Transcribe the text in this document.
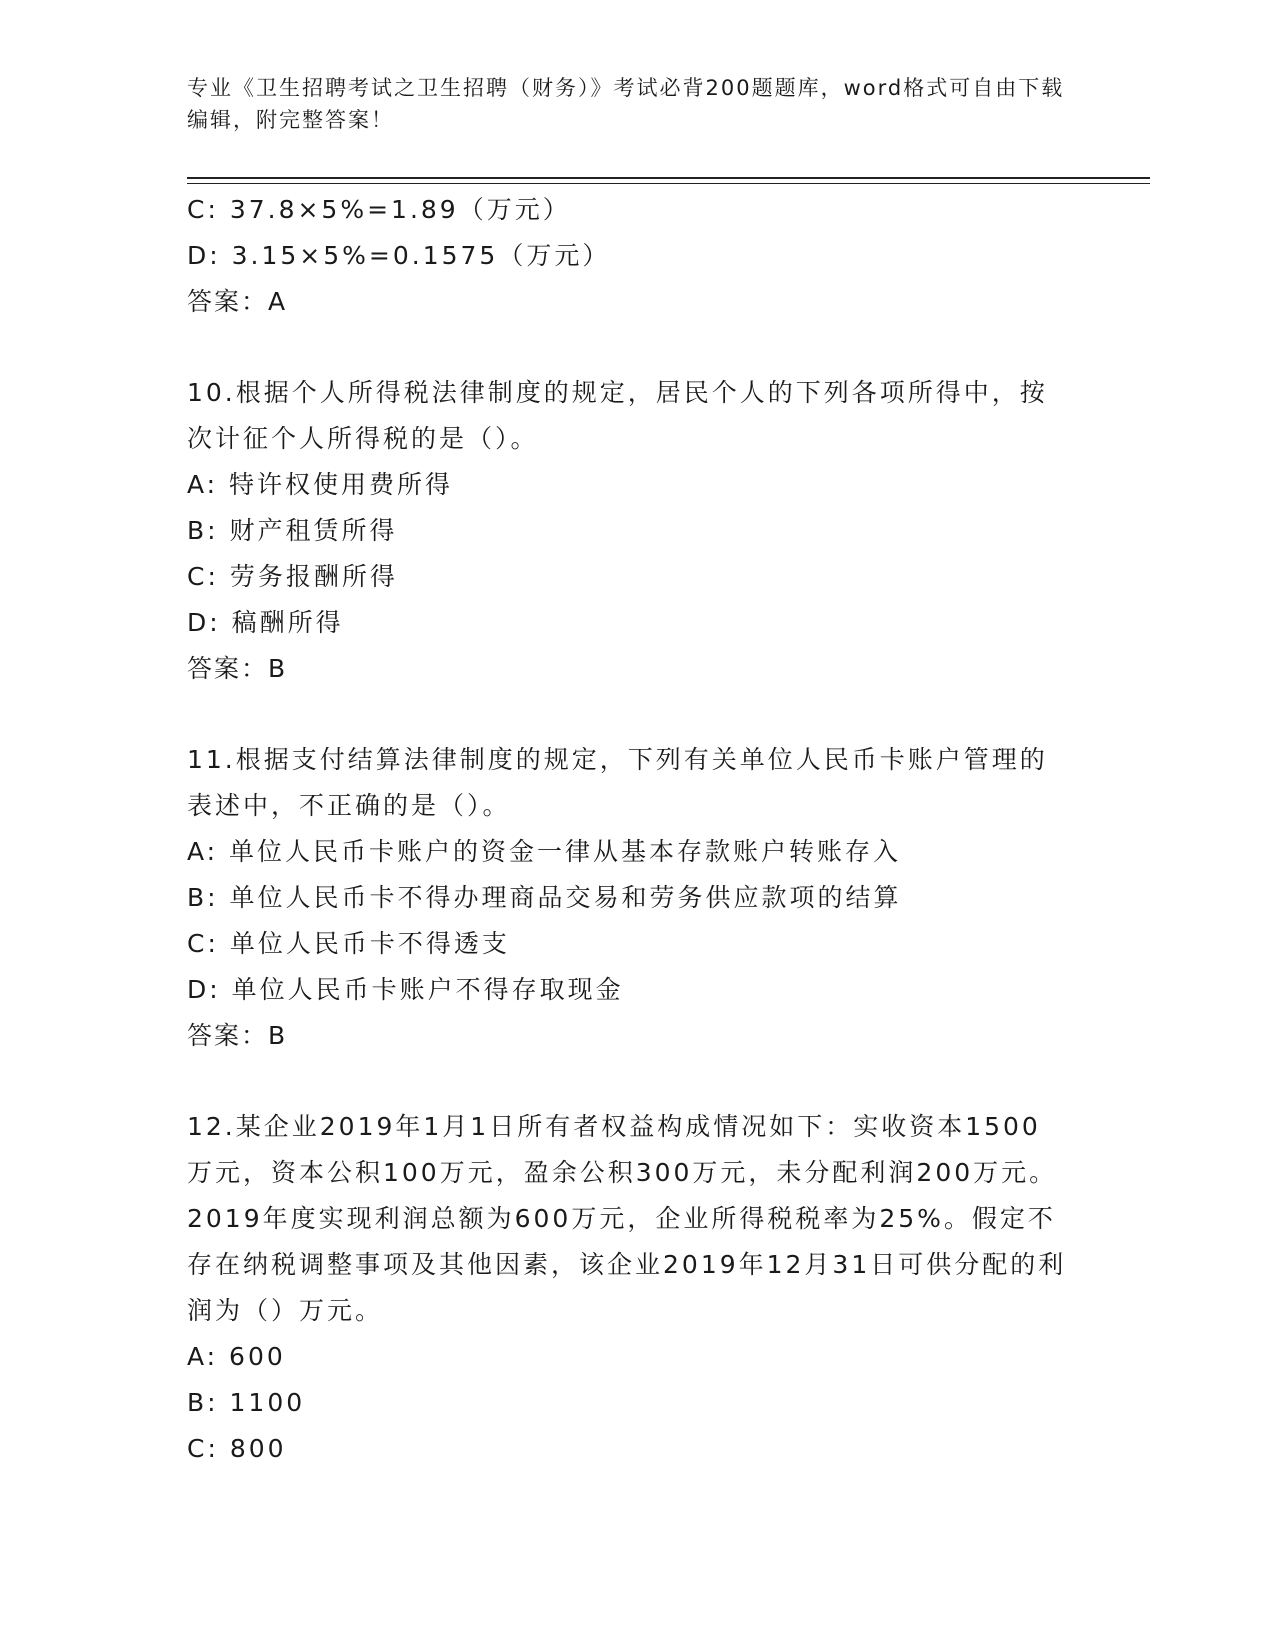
专业《卫生招聘考试之卫生招聘（财务）》考试必背200题题库，word格式可自由下载编辑，附完整答案！
C: 37.8×5%=1.89（万元）
D: 3.15×5%=0.1575（万元）
答案：A
10.根据个人所得税法律制度的规定，居民个人的下列各项所得中，按次计征个人所得税的是（）。
A: 特许权使用费所得
B: 财产租赁所得
C: 劳务报酬所得
D: 稿酬所得
答案：B
11.根据支付结算法律制度的规定，下列有关单位人民币卡账户管理的表述中，不正确的是（）。
A: 单位人民币卡账户的资金一律从基本存款账户转账存入
B: 单位人民币卡不得办理商品交易和劳务供应款项的结算
C: 单位人民币卡不得透支
D: 单位人民币卡账户不得存取现金
答案：B
12.某企业2019年1月1日所有者权益构成情况如下：实收资本1500万元，资本公积100万元，盈余公积300万元，未分配利润200万元。2019年度实现利润总额为600万元，企业所得税税率为25%。假定不存在纳税调整事项及其他因素，该企业2019年12月31日可供分配的利润为（）万元。
A: 600
B: 1100
C: 800
